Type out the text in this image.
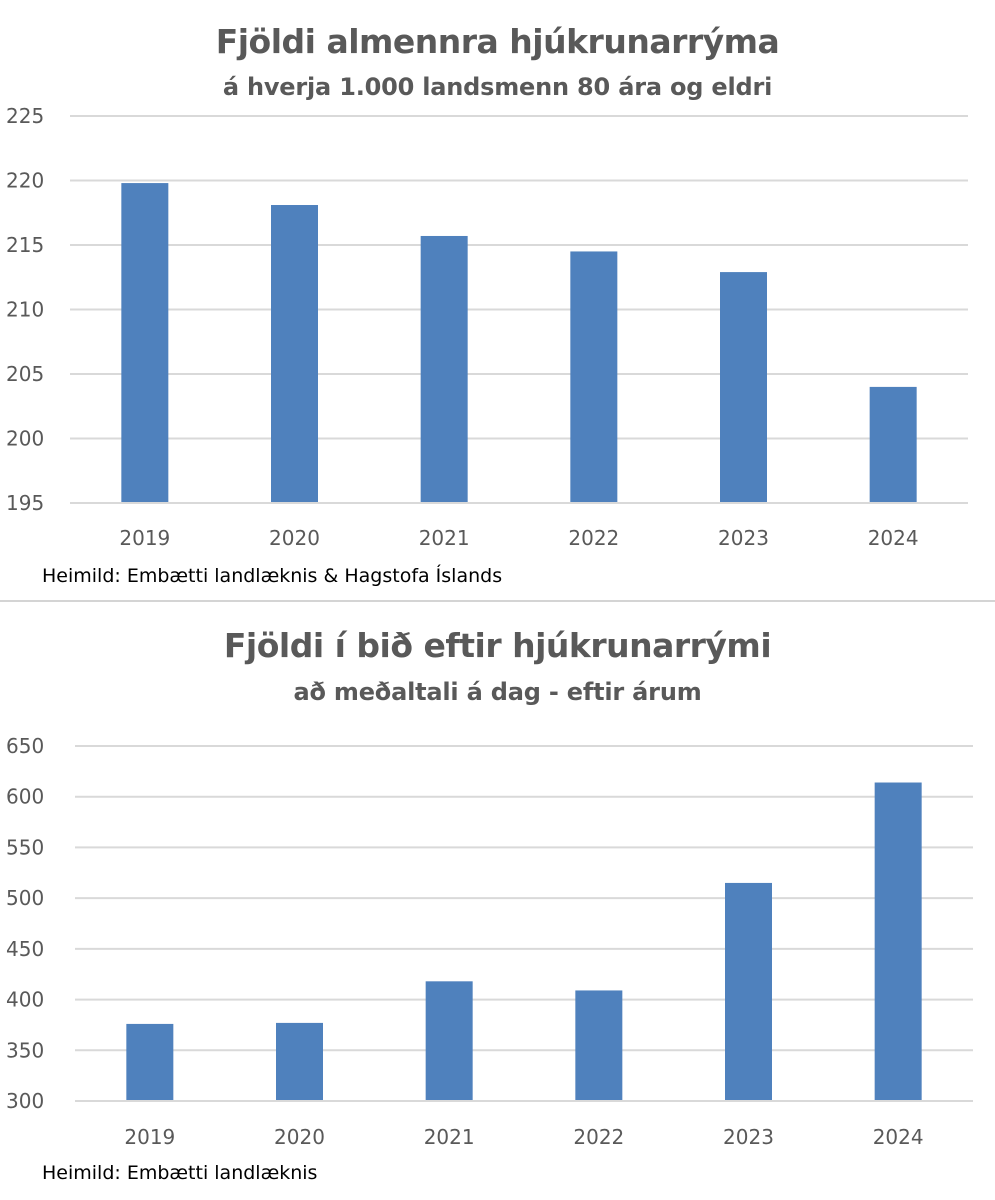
Fjöldi almennra hjúkrunarrýma
á hverja 1.000 landsmenn 80 ára og eldri
195
200
205
210
215
220
225
2019	2020	2021	2022	2023	2024
Heimild: Embætti landlæknis & Hagstofa Íslands
Fjöldi í bið eftir hjúkrunarrými
að meðaltali á dag - eftir árum
300
350
400
450
500
550
600
650
2019	2020	2021	2022	2023	2024
Heimild: Embætti landlæknis
